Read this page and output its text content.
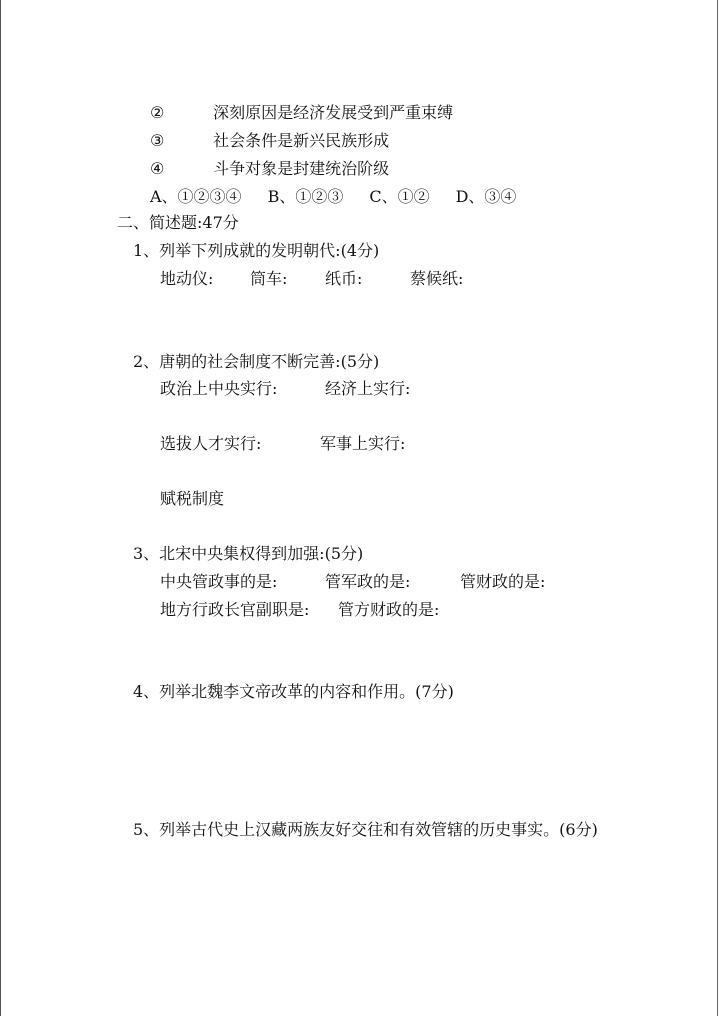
②	深刻原因是经济发展受到严重束缚
③	社会条件是新兴民族形成
④	斗争对象是封建统治阶级
A、①②③④ B、①②③ C、①② D、③④
二、简述题:47分
1、列举下列成就的发明朝代:(4分)
地动仪: 筒车: 纸币:	蔡候纸:
2、唐朝的社会制度不断完善:(5分)
政治上中央实行:	经济上实行:
选拔人才实行:	军事上实行:
赋税制度
3、北宋中央集权得到加强:(5分)
中央管政事的是:	管军政的是:	管财政的是:
地方行政长官副职是: 管方财政的是:
4、列举北魏李文帝改革的内容和作用。(7分)
5、列举古代史上汉藏两族友好交往和有效管辖的历史事实。(6分)
